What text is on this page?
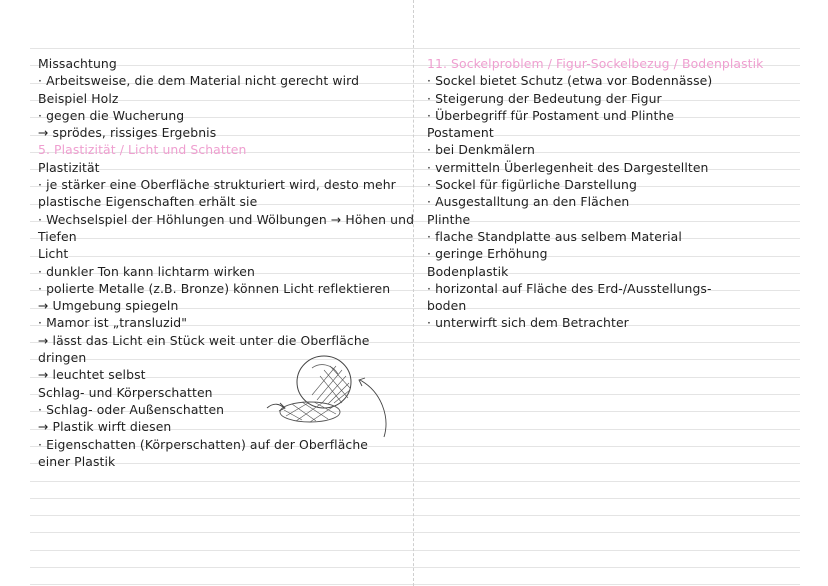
Missachtung
· Arbeitsweise, die dem Material nicht gerecht wird
Beispiel Holz
· gegen die Wucherung
→ sprödes, rissiges Ergebnis
5. Plastizität / Licht und Schatten
Plastizität
· je stärker eine Oberfläche strukturiert wird, desto mehr
plastische Eigenschaften erhält sie
· Wechselspiel der Höhlungen und Wölbungen → Höhen und
Tiefen
Licht
· dunkler Ton kann lichtarm wirken
· polierte Metalle (z.B. Bronze) können Licht reflektieren
→ Umgebung spiegeln
· Mamor ist „transluzid"
→ lässt das Licht ein Stück weit unter die Oberfläche
dringen
→ leuchtet selbst
Schlag- und Körperschatten
· Schlag- oder Außenschatten
→ Plastik wirft diesen
· Eigenschatten (Körperschatten) auf der Oberfläche
einer Plastik
11. Sockelproblem / Figur-Sockelbezug / Bodenplastik
· Sockel bietet Schutz (etwa vor Bodennässe)
· Steigerung der Bedeutung der Figur
· Überbegriff für Postament und Plinthe
Postament
· bei Denkmälern
· vermitteln Überlegenheit des Dargestellten
· Sockel für figürliche Darstellung
· Ausgestalltung an den Flächen
Plinthe
· flache Standplatte aus selbem Material
· geringe Erhöhung
Bodenplastik
· horizontal auf Fläche des Erd-/Ausstellungs-
boden
· unterwirft sich dem Betrachter
